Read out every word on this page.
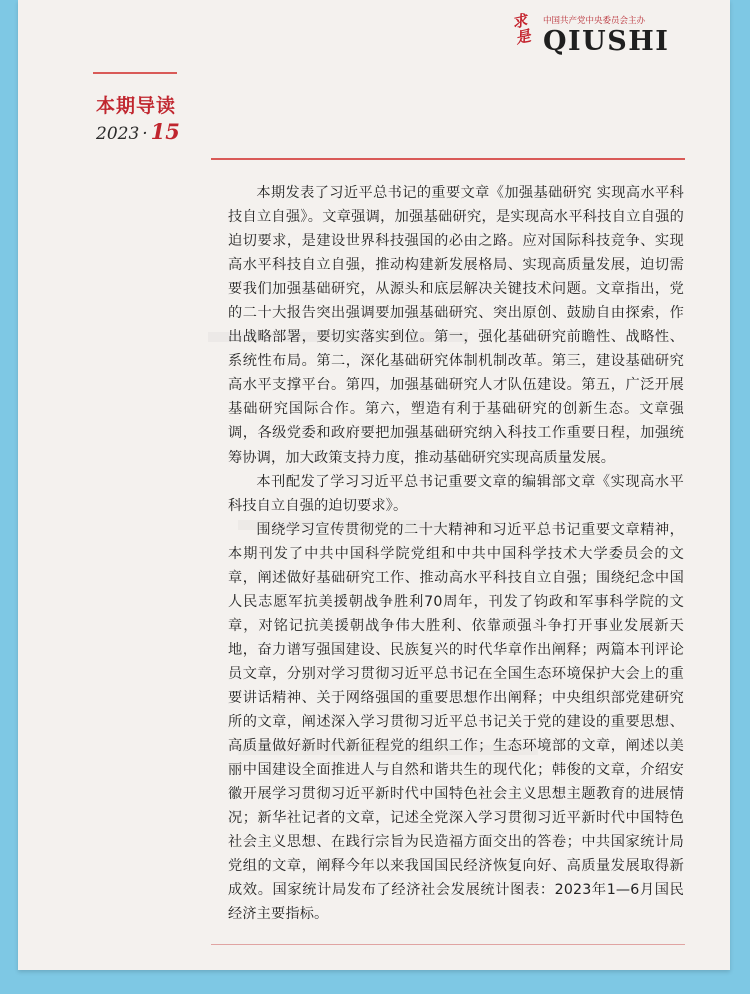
求是
中国共产党中央委员会主办
QIUSHI
本期导读
2023 · 15

本期发表了习近平总书记的重要文章《加强基础研究 实现高水平科技自立自强》。文章强调，加强基础研究，是实现高水平科技自立自强的迫切要求，是建设世界科技强国的必由之路。应对国际科技竞争、实现高水平科技自立自强，推动构建新发展格局、实现高质量发展，迫切需要我们加强基础研究，从源头和底层解决关键技术问题。文章指出，党的二十大报告突出强调要加强基础研究、突出原创、鼓励自由探索，作出战略部署，要切实落实到位。第一，强化基础研究前瞻性、战略性、系统性布局。第二，深化基础研究体制机制改革。第三，建设基础研究高水平支撑平台。第四，加强基础研究人才队伍建设。第五，广泛开展基础研究国际合作。第六，塑造有利于基础研究的创新生态。文章强调，各级党委和政府要把加强基础研究纳入科技工作重要日程，加强统筹协调，加大政策支持力度，推动基础研究实现高质量发展。

本刊配发了学习习近平总书记重要文章的编辑部文章《实现高水平科技自立自强的迫切要求》。

围绕学习宣传贯彻党的二十大精神和习近平总书记重要文章精神，本期刊发了中共中国科学院党组和中共中国科学技术大学委员会的文章，阐述做好基础研究工作、推动高水平科技自立自强；围绕纪念中国人民志愿军抗美援朝战争胜利70周年，刊发了钧政和军事科学院的文章，对铭记抗美援朝战争伟大胜利、依靠顽强斗争打开事业发展新天地，奋力谱写强国建设、民族复兴的时代华章作出阐释；两篇本刊评论员文章，分别对学习贯彻习近平总书记在全国生态环境保护大会上的重要讲话精神、关于网络强国的重要思想作出阐释；中央组织部党建研究所的文章，阐述深入学习贯彻习近平总书记关于党的建设的重要思想、高质量做好新时代新征程党的组织工作；生态环境部的文章，阐述以美丽中国建设全面推进人与自然和谐共生的现代化；韩俊的文章，介绍安徽开展学习贯彻习近平新时代中国特色社会主义思想主题教育的进展情况；新华社记者的文章，记述全党深入学习贯彻习近平新时代中国特色社会主义思想、在践行宗旨为民造福方面交出的答卷；中共国家统计局党组的文章，阐释今年以来我国国民经济恢复向好、高质量发展取得新成效。国家统计局发布了经济社会发展统计图表：2023年1—6月国民经济主要指标。
